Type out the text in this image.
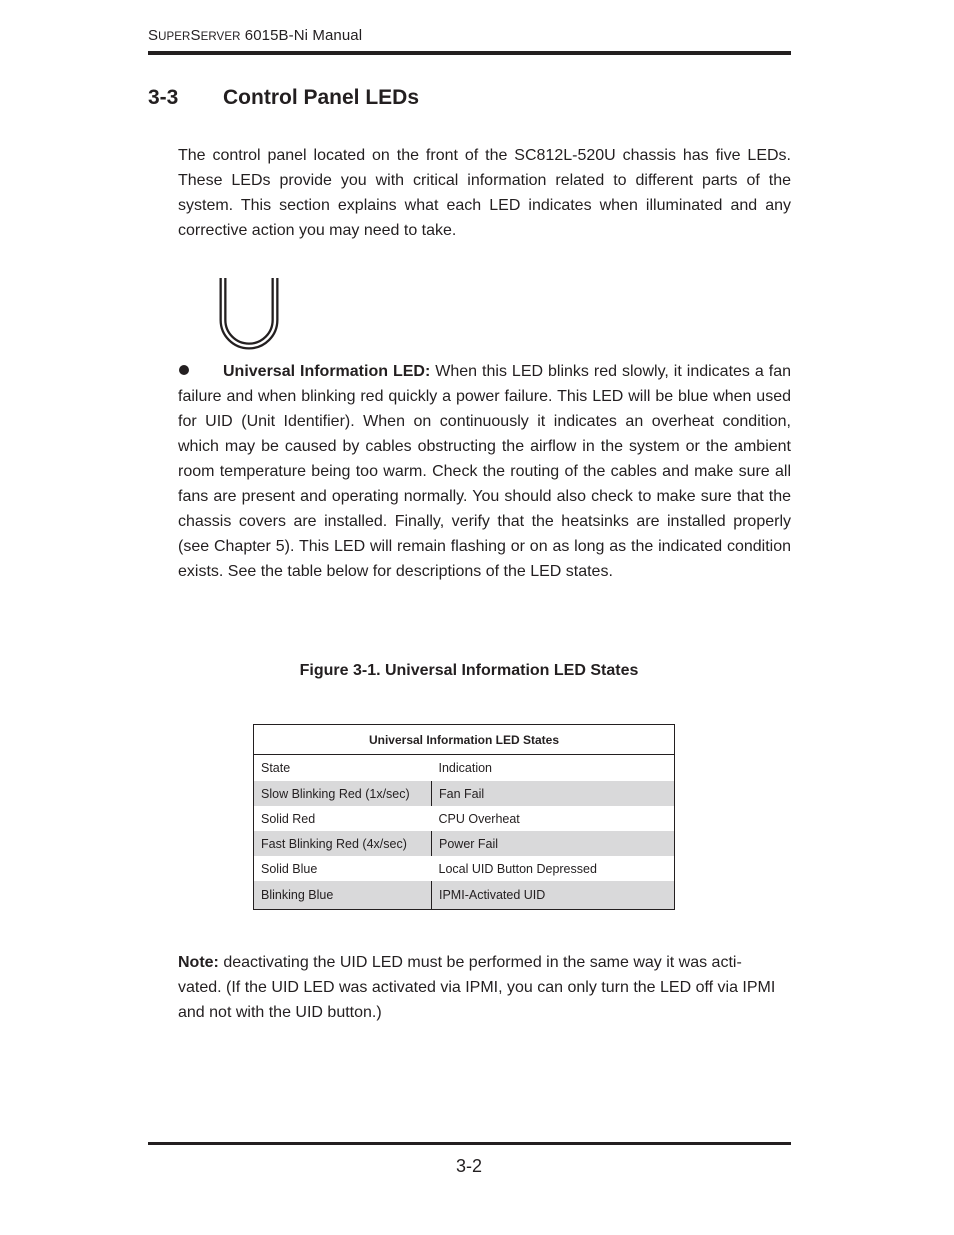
SUPERSERVER 6015B-Ni Manual
3-3 Control Panel LEDs

The control panel located on the front of the SC812L-520U chassis has five LEDs. These LEDs provide you with critical information related to different parts of the system. This section explains what each LED indicates when illuminated and any corrective action you may need to take.

Universal Information LED: When this LED blinks red slowly, it indicates a fan failure and when blinking red quickly a power failure. This LED will be blue when used for UID (Unit Identifier). When on continuously it indicates an overheat condition, which may be caused by cables obstructing the airflow in the system or the ambient room temperature being too warm. Check the routing of the cables and make sure all fans are present and operating normally. You should also check to make sure that the chassis covers are installed. Finally, verify that the heatsinks are installed properly (see Chapter 5). This LED will remain flashing or on as long as the indicated condition exists. See the table below for descriptions of the LED states.

Figure 3-1. Universal Information LED States
Universal Information LED States	
State	Indication
Slow Blinking Red (1x/sec)	Fan Fail
Solid Red	CPU Overheat
Fast Blinking Red (4x/sec)	Power Fail
Solid Blue	Local UID Button Depressed
Blinking Blue	IPMI-Activated UID

Note: deactivating the UID LED must be performed in the same way it was acti-vated. (If the UID LED was activated via IPMI, you can only turn the LED off via IPMI and not with the UID button.)

3-2
